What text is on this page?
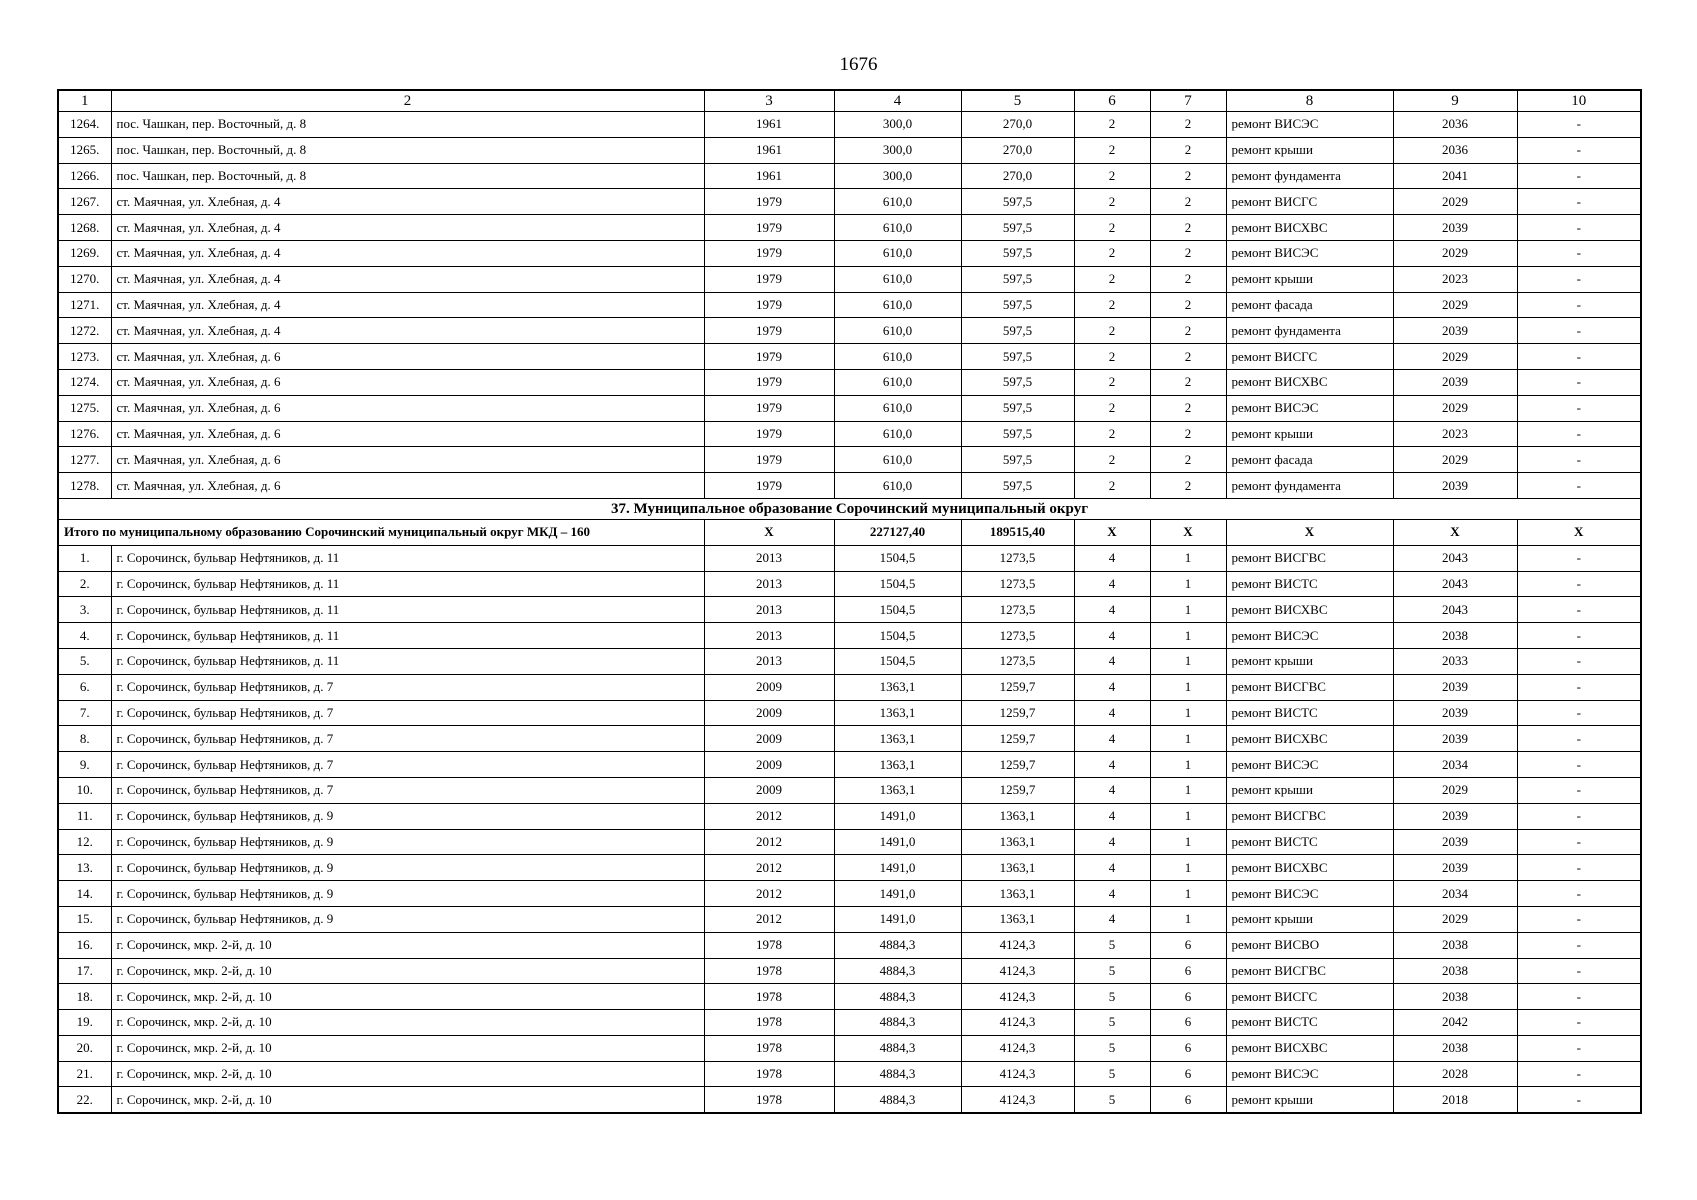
1676
1	2	3	4	5	6	7	8	9	10
1264.	пос. Чашкан, пер. Восточный, д. 8	1961	300,0	270,0	2	2	ремонт ВИСЭС	2036	-
1265.	пос. Чашкан, пер. Восточный, д. 8	1961	300,0	270,0	2	2	ремонт крыши	2036	-
1266.	пос. Чашкан, пер. Восточный, д. 8	1961	300,0	270,0	2	2	ремонт фундамента	2041	-
1267.	ст. Маячная, ул. Хлебная, д. 4	1979	610,0	597,5	2	2	ремонт ВИСГС	2029	-
1268.	ст. Маячная, ул. Хлебная, д. 4	1979	610,0	597,5	2	2	ремонт ВИСХВС	2039	-
1269.	ст. Маячная, ул. Хлебная, д. 4	1979	610,0	597,5	2	2	ремонт ВИСЭС	2029	-
1270.	ст. Маячная, ул. Хлебная, д. 4	1979	610,0	597,5	2	2	ремонт крыши	2023	-
1271.	ст. Маячная, ул. Хлебная, д. 4	1979	610,0	597,5	2	2	ремонт фасада	2029	-
1272.	ст. Маячная, ул. Хлебная, д. 4	1979	610,0	597,5	2	2	ремонт фундамента	2039	-
1273.	ст. Маячная, ул. Хлебная, д. 6	1979	610,0	597,5	2	2	ремонт ВИСГС	2029	-
1274.	ст. Маячная, ул. Хлебная, д. 6	1979	610,0	597,5	2	2	ремонт ВИСХВС	2039	-
1275.	ст. Маячная, ул. Хлебная, д. 6	1979	610,0	597,5	2	2	ремонт ВИСЭС	2029	-
1276.	ст. Маячная, ул. Хлебная, д. 6	1979	610,0	597,5	2	2	ремонт крыши	2023	-
1277.	ст. Маячная, ул. Хлебная, д. 6	1979	610,0	597,5	2	2	ремонт фасада	2029	-
1278.	ст. Маячная, ул. Хлебная, д. 6	1979	610,0	597,5	2	2	ремонт фундамента	2039	-
37. Муниципальное образование Сорочинский муниципальный округ									
Итого по муниципальному образованию Сорочинский муниципальный округ МКД – 160		X	227127,40	189515,40	X	X	X	X	X
1.	г. Сорочинск, бульвар Нефтяников, д. 11	2013	1504,5	1273,5	4	1	ремонт ВИСГВС	2043	-
2.	г. Сорочинск, бульвар Нефтяников, д. 11	2013	1504,5	1273,5	4	1	ремонт ВИСТС	2043	-
3.	г. Сорочинск, бульвар Нефтяников, д. 11	2013	1504,5	1273,5	4	1	ремонт ВИСХВС	2043	-
4.	г. Сорочинск, бульвар Нефтяников, д. 11	2013	1504,5	1273,5	4	1	ремонт ВИСЭС	2038	-
5.	г. Сорочинск, бульвар Нефтяников, д. 11	2013	1504,5	1273,5	4	1	ремонт крыши	2033	-
6.	г. Сорочинск, бульвар Нефтяников, д. 7	2009	1363,1	1259,7	4	1	ремонт ВИСГВС	2039	-
7.	г. Сорочинск, бульвар Нефтяников, д. 7	2009	1363,1	1259,7	4	1	ремонт ВИСТС	2039	-
8.	г. Сорочинск, бульвар Нефтяников, д. 7	2009	1363,1	1259,7	4	1	ремонт ВИСХВС	2039	-
9.	г. Сорочинск, бульвар Нефтяников, д. 7	2009	1363,1	1259,7	4	1	ремонт ВИСЭС	2034	-
10.	г. Сорочинск, бульвар Нефтяников, д. 7	2009	1363,1	1259,7	4	1	ремонт крыши	2029	-
11.	г. Сорочинск, бульвар Нефтяников, д. 9	2012	1491,0	1363,1	4	1	ремонт ВИСГВС	2039	-
12.	г. Сорочинск, бульвар Нефтяников, д. 9	2012	1491,0	1363,1	4	1	ремонт ВИСТС	2039	-
13.	г. Сорочинск, бульвар Нефтяников, д. 9	2012	1491,0	1363,1	4	1	ремонт ВИСХВС	2039	-
14.	г. Сорочинск, бульвар Нефтяников, д. 9	2012	1491,0	1363,1	4	1	ремонт ВИСЭС	2034	-
15.	г. Сорочинск, бульвар Нефтяников, д. 9	2012	1491,0	1363,1	4	1	ремонт крыши	2029	-
16.	г. Сорочинск, мкр. 2-й, д. 10	1978	4884,3	4124,3	5	6	ремонт ВИСВО	2038	-
17.	г. Сорочинск, мкр. 2-й, д. 10	1978	4884,3	4124,3	5	6	ремонт ВИСГВС	2038	-
18.	г. Сорочинск, мкр. 2-й, д. 10	1978	4884,3	4124,3	5	6	ремонт ВИСГС	2038	-
19.	г. Сорочинск, мкр. 2-й, д. 10	1978	4884,3	4124,3	5	6	ремонт ВИСТС	2042	-
20.	г. Сорочинск, мкр. 2-й, д. 10	1978	4884,3	4124,3	5	6	ремонт ВИСХВС	2038	-
21.	г. Сорочинск, мкр. 2-й, д. 10	1978	4884,3	4124,3	5	6	ремонт ВИСЭС	2028	-
22.	г. Сорочинск, мкр. 2-й, д. 10	1978	4884,3	4124,3	5	6	ремонт крыши	2018	-
